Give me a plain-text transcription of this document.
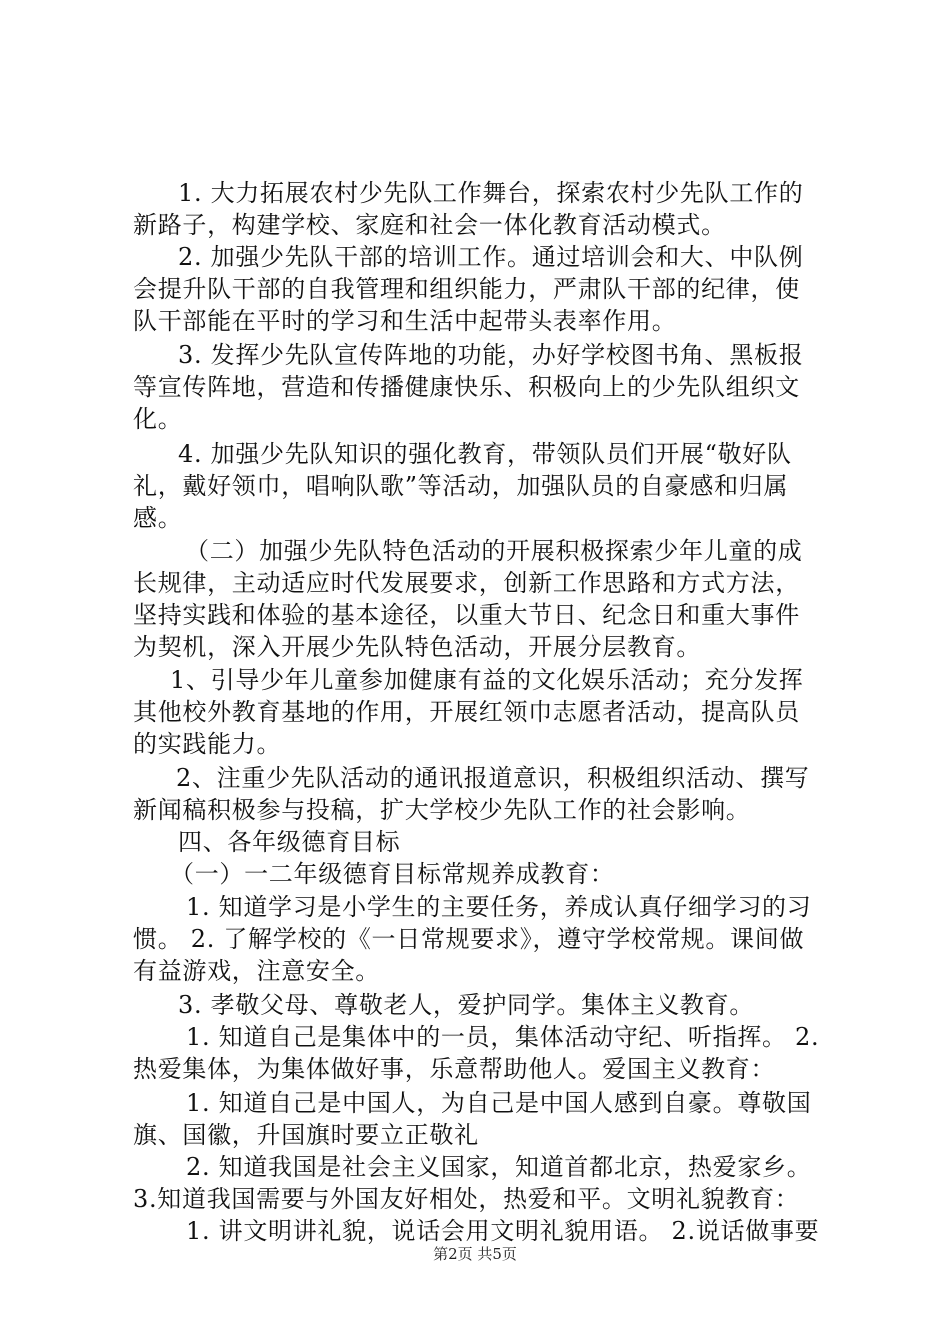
1. 大力拓展农村少先队工作舞台，探索农村少先队工作的
新路子，构建学校、家庭和社会一体化教育活动模式。
2. 加强少先队干部的培训工作。通过培训会和大、中队例
会提升队干部的自我管理和组织能力，严肃队干部的纪律，使
队干部能在平时的学习和生活中起带头表率作用。
3. 发挥少先队宣传阵地的功能，办好学校图书角、黑板报
等宣传阵地，营造和传播健康快乐、积极向上的少先队组织文
化。
4. 加强少先队知识的强化教育，带领队员们开展“敬好队
礼，戴好领巾，唱响队歌”等活动，加强队员的自豪感和归属
感。
（二）加强少先队特色活动的开展积极探索少年儿童的成
长规律，主动适应时代发展要求，创新工作思路和方式方法，
坚持实践和体验的基本途径，以重大节日、纪念日和重大事件
为契机，深入开展少先队特色活动，开展分层教育。
1、引导少年儿童参加健康有益的文化娱乐活动；充分发挥
其他校外教育基地的作用，开展红领巾志愿者活动，提高队员
的实践能力。
2、注重少先队活动的通讯报道意识，积极组织活动、撰写
新闻稿积极参与投稿，扩大学校少先队工作的社会影响。
四、各年级德育目标
（一）一二年级德育目标常规养成教育：
1. 知道学习是小学生的主要任务，养成认真仔细学习的习
惯。 2. 了解学校的《一日常规要求》，遵守学校常规。课间做
有益游戏，注意安全。
3. 孝敬父母、尊敬老人，爱护同学。集体主义教育。
1. 知道自己是集体中的一员，集体活动守纪、听指挥。 2.
热爱集体，为集体做好事，乐意帮助他人。爱国主义教育：
1. 知道自己是中国人，为自己是中国人感到自豪。尊敬国
旗、国徽，升国旗时要立正敬礼
2. 知道我国是社会主义国家，知道首都北京，热爱家乡。
3.知道我国需要与外国友好相处，热爱和平。文明礼貌教育：
1. 讲文明讲礼貌，说话会用文明礼貌用语。 2.说话做事要
第2页 共5页
